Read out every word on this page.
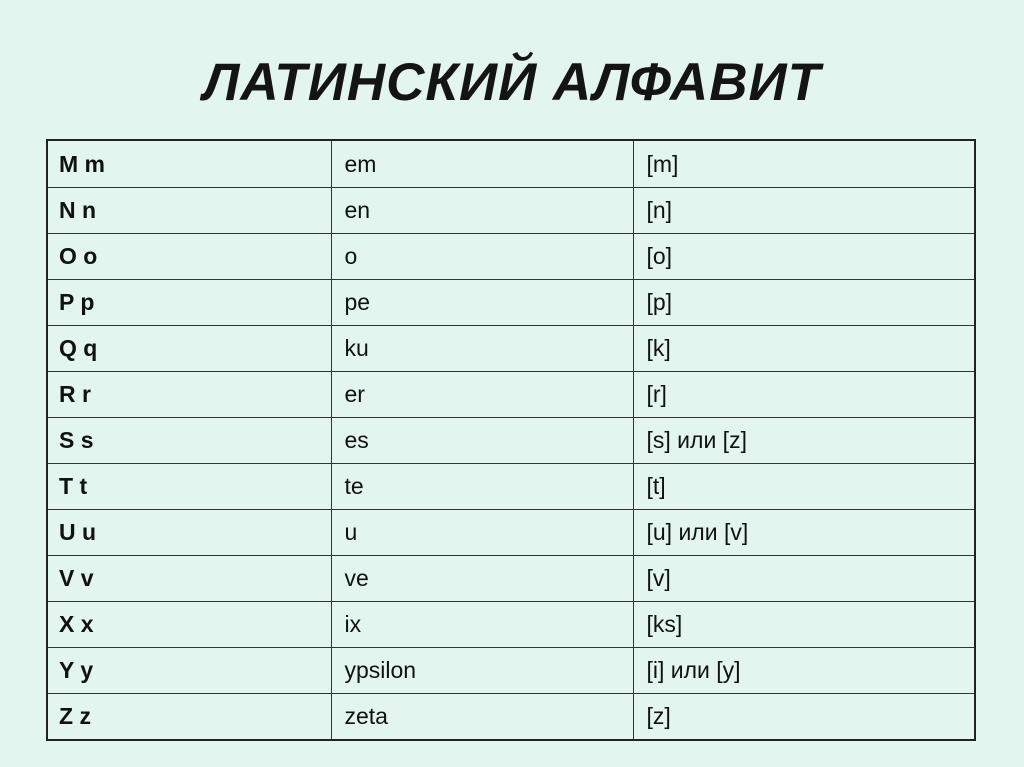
ЛАТИНСКИЙ АЛФАВИТ
M m	em	[m]
N n	en	[n]
O o	o	[o]
P p	pe	[p]
Q q	ku	[k]
R r	er	[r]
S s	es	[s] или [z]
T t	te	[t]
U u	u	[u] или [v]
V v	ve	[v]
X x	ix	[ks]
Y y	ypsilon	[i] или [y]
Z z	zeta	[z]
